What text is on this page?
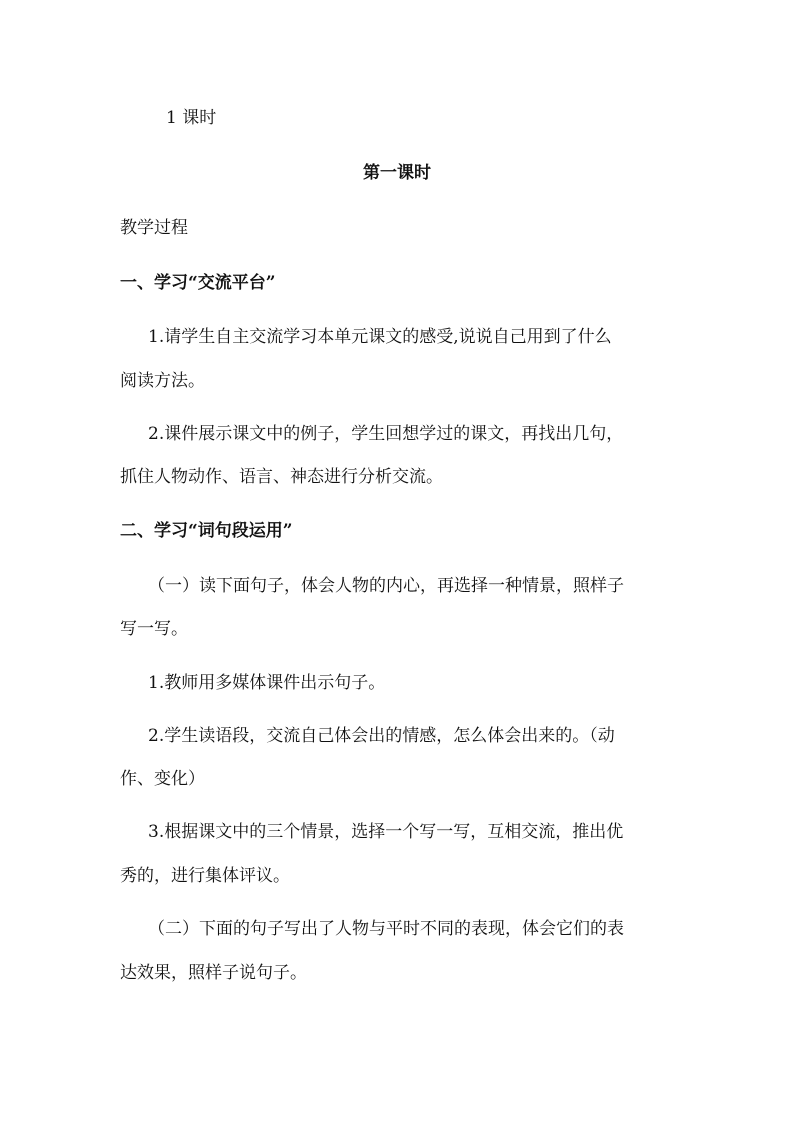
1 课时
第一课时
教学过程
一、学习“交流平台”
1.请学生自主交流学习本单元课文的感受,说说自己用到了什么
阅读方法。
2.课件展示课文中的例子，学生回想学过的课文，再找出几句，
抓住人物动作、语言、神态进行分析交流。
二、学习“词句段运用”
（一）读下面句子，体会人物的内心，再选择一种情景，照样子
写一写。
1.教师用多媒体课件出示句子。
2.学生读语段，交流自己体会出的情感，怎么体会出来的。（动
作、变化）
3.根据课文中的三个情景，选择一个写一写，互相交流，推出优
秀的，进行集体评议。
（二）下面的句子写出了人物与平时不同的表现，体会它们的表
达效果，照样子说句子。
